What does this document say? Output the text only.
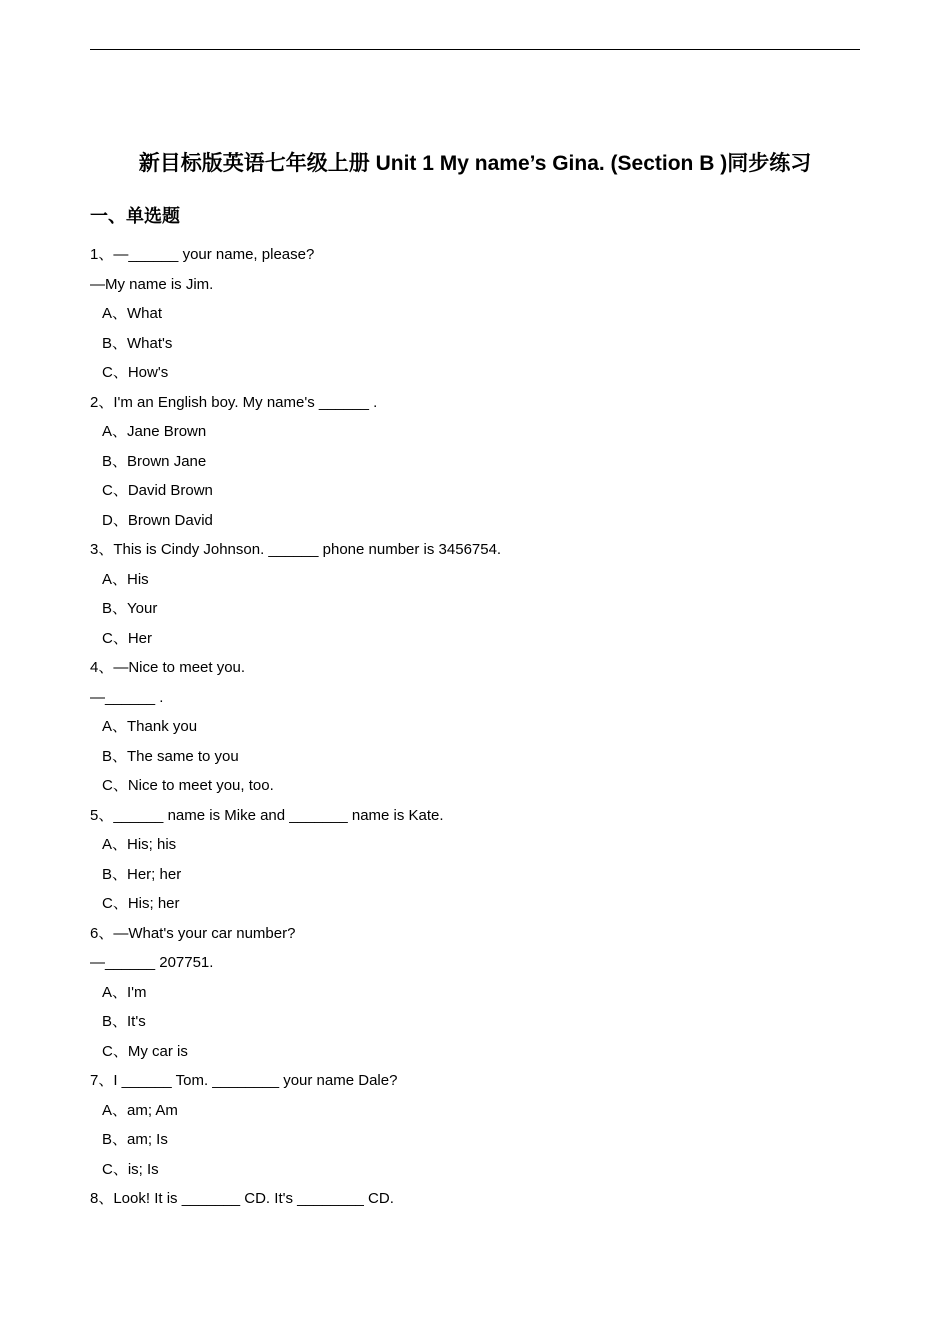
新目标版英语七年级上册 Unit 1 My name’s Gina. (Section B )同步练习
一、单选题
1、—______ your name, please?
—My name is Jim.
A、What
B、What's
C、How's
2、I'm an English boy. My name's ______ .
A、Jane Brown
B、Brown Jane
C、David Brown
D、Brown David
3、This is Cindy Johnson. ______ phone number is 3456754.
A、His
B、Your
C、Her
4、—Nice to meet you.
—______ .
A、Thank you
B、The same to you
C、Nice to meet you, too.
5、______ name is Mike and _______ name is Kate.
A、His; his
B、Her; her
C、His; her
6、—What's your car number?
—______ 207751.
A、I'm
B、It's
C、My car is
7、I ______ Tom. ________ your name Dale?
A、am; Am
B、am; Is
C、is; Is
8、Look! It is _______ CD. It's ________ CD.
